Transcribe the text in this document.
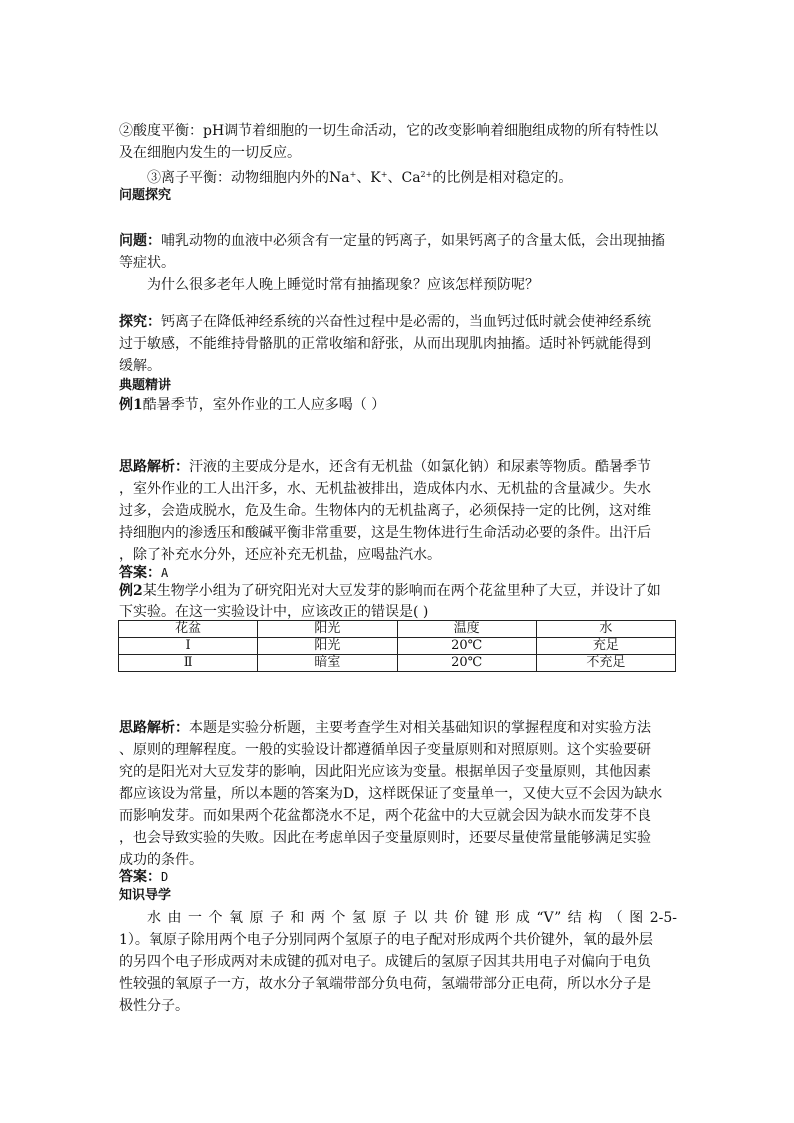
②酸度平衡：pH调节着细胞的一切生命活动，它的改变影响着细胞组成物的所有特性以
及在细胞内发生的一切反应。
③离子平衡：动物细胞内外的Na+、K+、$Ca^{2+}$的比例是相对稳定的。
问题探究
问题：哺乳动物的血液中必须含有一定量的钙离子，如果钙离子的含量太低，会出现抽搐
等症状。
为什么很多老年人晚上睡觉时常有抽搐现象？应该怎样预防呢？
探究：钙离子在降低神经系统的兴奋性过程中是必需的，当血钙过低时就会使神经系统
过于敏感，不能维持骨骼肌的正常收缩和舒张，从而出现肌肉抽搐。适时补钙就能得到
缓解。
典题精讲
例1酷暑季节，室外作业的工人应多喝（ ）
思路解析：汗液的主要成分是水，还含有无机盐（如氯化钠）和尿素等物质。酷暑季节
，室外作业的工人出汗多，水、无机盐被排出，造成体内水、无机盐的含量减少。失水
过多，会造成脱水，危及生命。生物体内的无机盐离子，必须保持一定的比例，这对维
持细胞内的渗透压和酸碱平衡非常重要，这是生物体进行生命活动必要的条件。出汗后
，除了补充水分外，还应补充无机盐，应喝盐汽水。
答案：A
例2某生物学小组为了研究阳光对大豆发芽的影响而在两个花盆里种了大豆，并设计了如
下实验。在这一实验设计中，应该改正的错误是( )
花盆	阳光	温度	水
Ⅰ	阳光	20℃	充足
Ⅱ	暗室	20℃	不充足
思路解析：本题是实验分析题，主要考查学生对相关基础知识的掌握程度和对实验方法
、原则的理解程度。一般的实验设计都遵循单因子变量原则和对照原则。这个实验要研
究的是阳光对大豆发芽的影响，因此阳光应该为变量。根据单因子变量原则，其他因素
都应该设为常量，所以本题的答案为D，这样既保证了变量单一，又使大豆不会因为缺水
而影响发芽。而如果两个花盆都浇水不足，两个花盆中的大豆就会因为缺水而发芽不良
，也会导致实验的失败。因此在考虑单因子变量原则时，还要尽量使常量能够满足实验
成功的条件。
答案：D
知识导学
水由一个氧原子和两个氢原子以共价键形成“V”结构（图2-5-
1）。氧原子除用两个电子分别同两个氢原子的电子配对形成两个共价键外，氧的最外层
的另四个电子形成两对未成键的孤对电子。成键后的氢原子因其共用电子对偏向于电负
性较强的氧原子一方，故水分子氧端带部分负电荷，氢端带部分正电荷，所以水分子是
极性分子。
